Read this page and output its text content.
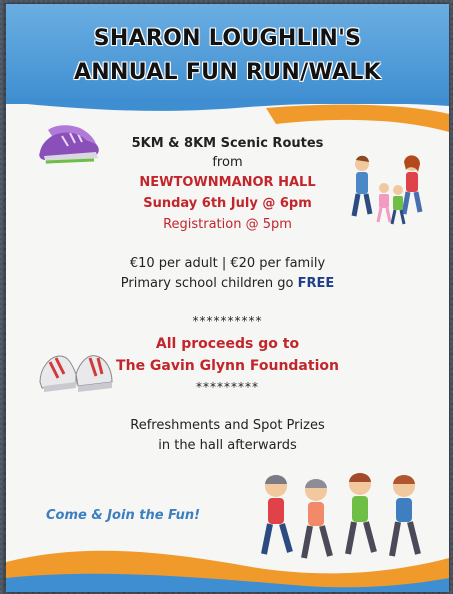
SHARON LOUGHLIN'S
ANNUAL FUN RUN/WALK
5KM & 8KM Scenic Routes
from
NEWTOWNMANOR HALL
Sunday 6th July @ 6pm
Registration @ 5pm
€10 per adult | €20 per family
Primary school children go FREE
**********
All proceeds go to
The Gavin Glynn Foundation
*********
Refreshments and Spot Prizes
in the hall afterwards
Come & Join the Fun!
